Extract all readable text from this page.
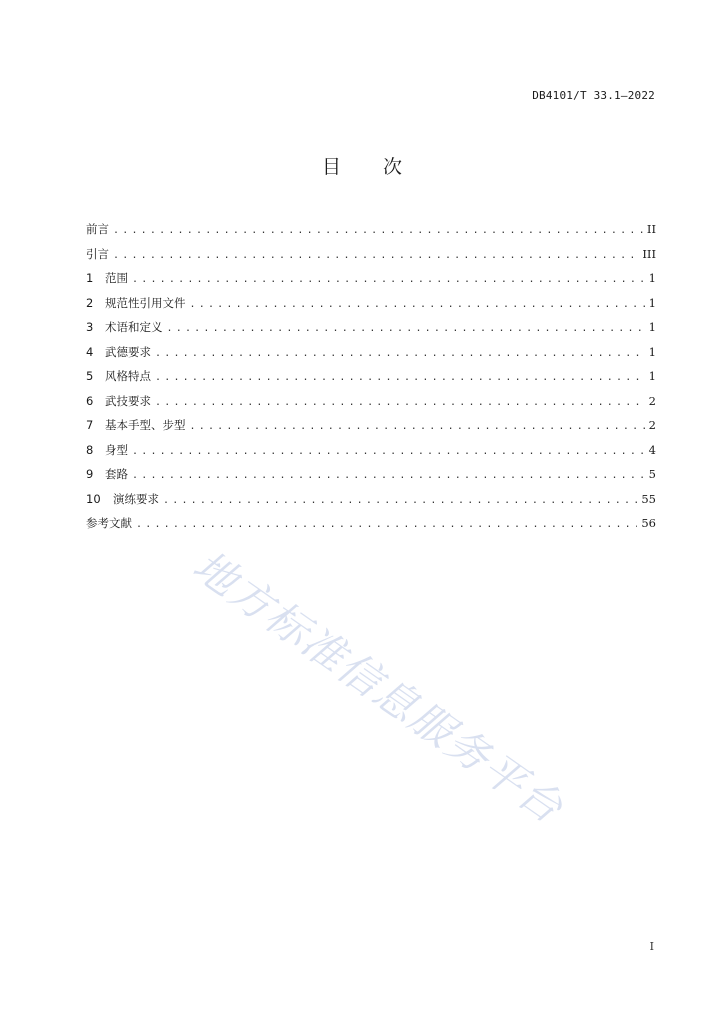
DB4101/T 33.1—2022
目 次
前言 .....	II
引言 .....	III
1	范围 .....	1
2	规范性引用文件 .....	1
3	术语和定义 .....	1
4	武德要求 .....	1
5	风格特点 .....	1
6	武技要求 .....	2
7	基本手型、步型 .....	2
8	身型 .....	4
9	套路 .....	5
10	演练要求 .....	55
参考文献 .....	56
地方标准信息服务平台
I
